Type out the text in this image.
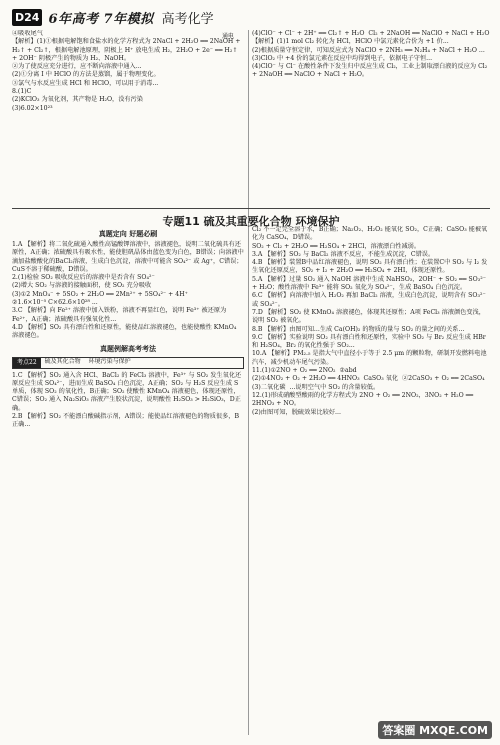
D24 6年高考 7年模拟 高考化学

④吸收尾气

【解析】(1)①根据电解饱和食盐水的化学方程式为 2NaCl + 2H₂O ══ 2NaOH + H₂↑ + Cl₂↑，根据电解池原理，阴极上 H⁺ 放电生成 H₂，2H₂O + 2e⁻ ══ H₂↑ + 2OH⁻ 阴极产生的物质为 H₂、NaOH。

②为了使反应充分进行，应不断向溶液中通入...

(2)①分离 I 中 HClO 的方法是蒸馏，属于物理变化。

③氯气与水反应生成 HCl 和 HClO，可以用于消毒...

8.(1)C

(2)KClO₃ 为氧化剂，其产物是 H₂O，没有污染

(3)6.02×10²³

通电	(4)ClO⁻ + Cl⁻ + 2H⁺ ══ Cl₂↑ + H₂O  Cl₂ + 2NaOH ══ NaClO + NaCl + H₂O

【解析】(1)1 mol Cl₂ 转化为 HCl，HClO 中氯元素化合价为 +1 价...

(2)根据质量守恒定律，可知反应式为 NaClO + 2NH₃ ══ N₂H₄ + NaCl + H₂O ...

(3)ClO₂ 中 +4 价的氯元素在反应中均得到电子，依据电子守恒...

(4)ClO⁻ 与 Cl⁻ 在酸性条件下发生归中反应生成 Cl₂，工业上制取漂白液的反应为 Cl₂ + 2NaOH ══ NaClO + NaCl + H₂O。

专题11 硫及其重要化合物 环境保护
真题定向 好题必刷

1.A 【解析】将二氧化硫通入酸性高锰酸钾溶液中，溶液褪色，说明二氧化硫具有还原性，A正确；浓硫酸具有吸水性，能使胆矾晶体由蓝色变为白色，B错误；向溶液中滴加盐酸酸化的BaCl₂溶液，生成白色沉淀，溶液中可能含 SO₄²⁻ 或 Ag⁺，C错误；CuS不溶于稀硫酸，D错误。

2.(1)检验 SO₂ 吸收反应后的溶液中是否含有 SO₄²⁻

(2)增大 SO₂ 与溶液的接触面积，使 SO₂ 充分吸收

(3)①2 MnO₄⁻ + 5SO₂ + 2H₂O ══ 2Mn²⁺ + 5SO₄²⁻ + 4H⁺

②1.6×10⁻⁵ C×62.6×10²⁸ ...

3.C 【解析】向 Fe²⁺ 溶液中加入铁粉，溶液不再显红色，说明 Fe³⁺ 被还原为 Fe²⁺，A正确；浓硫酸具有强氧化性...

4.D 【解析】SO₂ 具有漂白性和还原性，能使品红溶液褪色，也能使酸性 KMnO₄ 溶液褪色。

真题例解高考考法
考点22	硫及其化合物	环境污染与保护

1.C 【解析】SO₂ 通入含 HCl、BaCl₂ 的 FeCl₃ 溶液中，Fe³⁺ 与 SO₂ 发生氧化还原反应生成 SO₄²⁻，进而生成 BaSO₄ 白色沉淀，A正确；SO₂ 与 H₂S 反应生成 S 单质，体现 SO₂ 的氧化性，B正确；SO₂ 使酸性 KMnO₄ 溶液褪色，体现还原性，C错误；SO₂ 通入 Na₂SiO₃ 溶液产生胶状沉淀，说明酸性 H₂SO₃ > H₂SiO₃，D正确。

2.B 【解析】SO₂ 不能漂白酸碱指示剂，A错误；能使品红溶液褪色的物质很多，B正确...

Cl₂ 不一定完全溶于水，B正确；Na₂O₂、H₂O₂ 能氧化 SO₂，C正确；CaSO₃ 能被氧化为 CaSO₄，D错误。

SO₂ + Cl₂ + 2H₂O ══ H₂SO₄ + 2HCl，溶液漂白性减弱。

3.A 【解析】SO₂ 与 BaCl₂ 溶液不反应，不能生成沉淀，C错误。

4.B 【解析】装置B中品红溶液褪色，说明 SO₂ 具有漂白性；在装置C中 SO₂ 与 I₂ 发生氧化还原反应，SO₂ + I₂ + 2H₂O ══ H₂SO₄ + 2HI，体现还原性。

5.A 【解析】过量 SO₂ 通入 NaOH 溶液中生成 NaHSO₃，2OH⁻ + SO₂ ══ SO₃²⁻ + H₂O；酸性溶液中 Fe³⁺ 能将 SO₂ 氧化为 SO₄²⁻，生成 BaSO₄ 白色沉淀。

6.C 【解析】向溶液中加入 H₂O₂ 再加 BaCl₂ 溶液，生成白色沉淀，说明含有 SO₃²⁻ 或 SO₄²⁻。

7.D 【解析】SO₂ 使 KMnO₄ 溶液褪色，体现其还原性；A项 FeCl₃ 溶液颜色变浅，说明 SO₂ 被氧化。

8.B 【解析】由图可知...生成 Ca(OH)₂ 的物质的量与 SO₂ 的量之间的关系...

9.C 【解析】实验说明 SO₂ 具有漂白性和还原性，实验中 SO₂ 与 Br₂ 反应生成 HBr 和 H₂SO₄，Br₂ 的氧化性强于 SO₂...

10.A 【解析】PM₂.₅ 是指大气中直径小于等于 2.5 μm 的颗粒物，研制开发燃料电池汽车，减少机动车尾气污染。

11.(1)①2NO + O₂ ══ 2NO₂  ②abd

(2)①4NO₂ + O₂ + 2H₂O ══ 4HNO₃  CaSO₃ 氧化  ②2CaSO₃ + O₂ ══ 2CaSO₄

(3)二氧化碳  ...说明空气中 SO₂ 的含量较低。

12.(1)形成硝酸型酸雨的化学方程式为 2NO + O₂ ══ 2NO₂，3NO₂ + H₂O ══ 2HNO₃ + NO。

(2)由图可知，脱硫效果比较好...

答案圈 MXQE.COM
